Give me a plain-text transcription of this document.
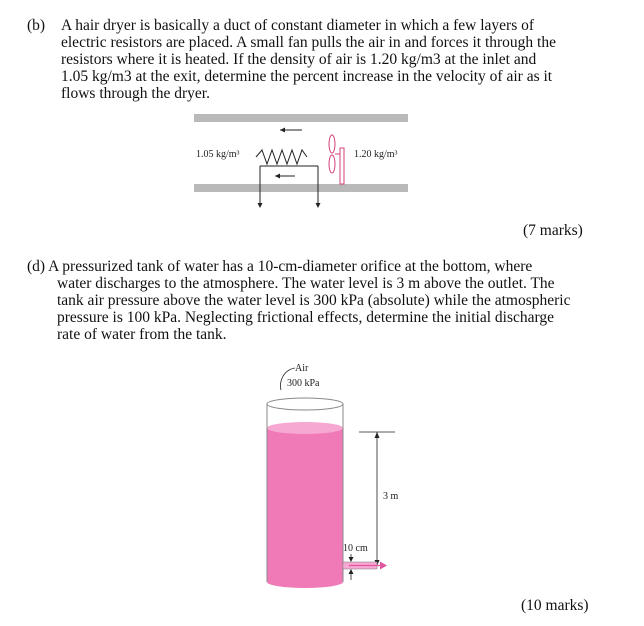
(b) A hair dryer is basically a duct of constant diameter in which a few layers of
electric resistors are placed. A small fan pulls the air in and forces it through the
resistors where it is heated. If the density of air is 1.20 kg/m3 at the inlet and
1.05 kg/m3 at the exit, determine the percent increase in the velocity of air as it
flows through the dryer.
1.05 kg/m³	1.20 kg/m³
(7 marks)
(d) A pressurized tank of water has a 10-cm-diameter orifice at the bottom, where
water discharges to the atmosphere. The water level is 3 m above the outlet. The
tank air pressure above the water level is 300 kPa (absolute) while the atmospheric
pressure is 100 kPa. Neglecting frictional effects, determine the initial discharge
rate of water from the tank.
Air
300 kPa
3 m
10 cm
(10 marks)
